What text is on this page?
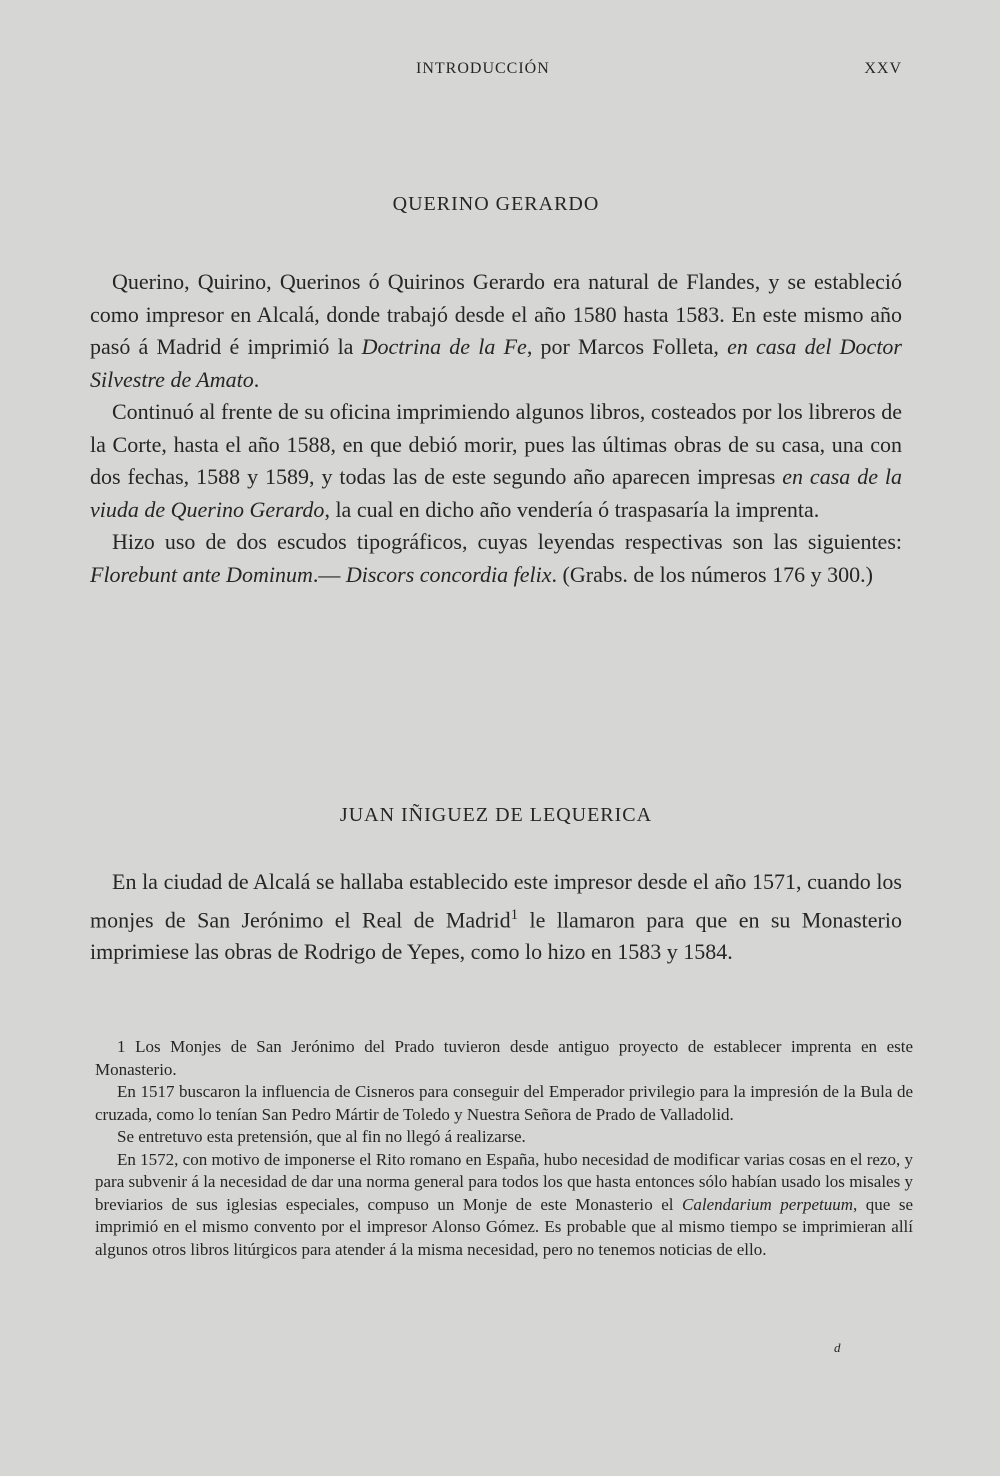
INTRODUCCIÓN	XXV
QUERINO GERARDO

Querino, Quirino, Querinos ó Quirinos Gerardo era natural de Flandes, y se estableció como impresor en Alcalá, donde trabajó desde el año 1580 hasta 1583. En este mismo año pasó á Madrid é imprimió la Doctrina de la Fe, por Marcos Folleta, en casa del Doctor Silvestre de Amato.

Continuó al frente de su oficina imprimiendo algunos libros, costeados por los libreros de la Corte, hasta el año 1588, en que debió morir, pues las últimas obras de su casa, una con dos fechas, 1588 y 1589, y todas las de este segundo año aparecen impresas en casa de la viuda de Querino Gerardo, la cual en dicho año vendería ó traspasaría la imprenta.

Hizo uso de dos escudos tipográficos, cuyas leyendas respectivas son las siguientes: Florebunt ante Dominum.— Discors concordia felix. (Grabs. de los números 176 y 300.)

JUAN IÑIGUEZ DE LEQUERICA

En la ciudad de Alcalá se hallaba establecido este impresor desde el año 1571, cuando los monjes de San Jerónimo el Real de Madrid$^1$ le llamaron para que en su Monasterio imprimiese las obras de Rodrigo de Yepes, como lo hizo en 1583 y 1584.

1 Los Monjes de San Jerónimo del Prado tuvieron desde antiguo proyecto de establecer imprenta en este Monasterio.

En 1517 buscaron la influencia de Cisneros para conseguir del Emperador privilegio para la impresión de la Bula de cruzada, como lo tenían San Pedro Mártir de Toledo y Nuestra Señora de Prado de Valladolid.

Se entretuvo esta pretensión, que al fin no llegó á realizarse.

En 1572, con motivo de imponerse el Rito romano en España, hubo necesidad de modificar varias cosas en el rezo, y para subvenir á la necesidad de dar una norma general para todos los que hasta entonces sólo habían usado los misales y breviarios de sus iglesias especiales, compuso un Monje de este Monasterio el Calendarium perpetuum, que se imprimió en el mismo convento por el impresor Alonso Gómez. Es probable que al mismo tiempo se imprimieran allí algunos otros libros litúrgicos para atender á la misma necesidad, pero no tenemos noticias de ello.

d
